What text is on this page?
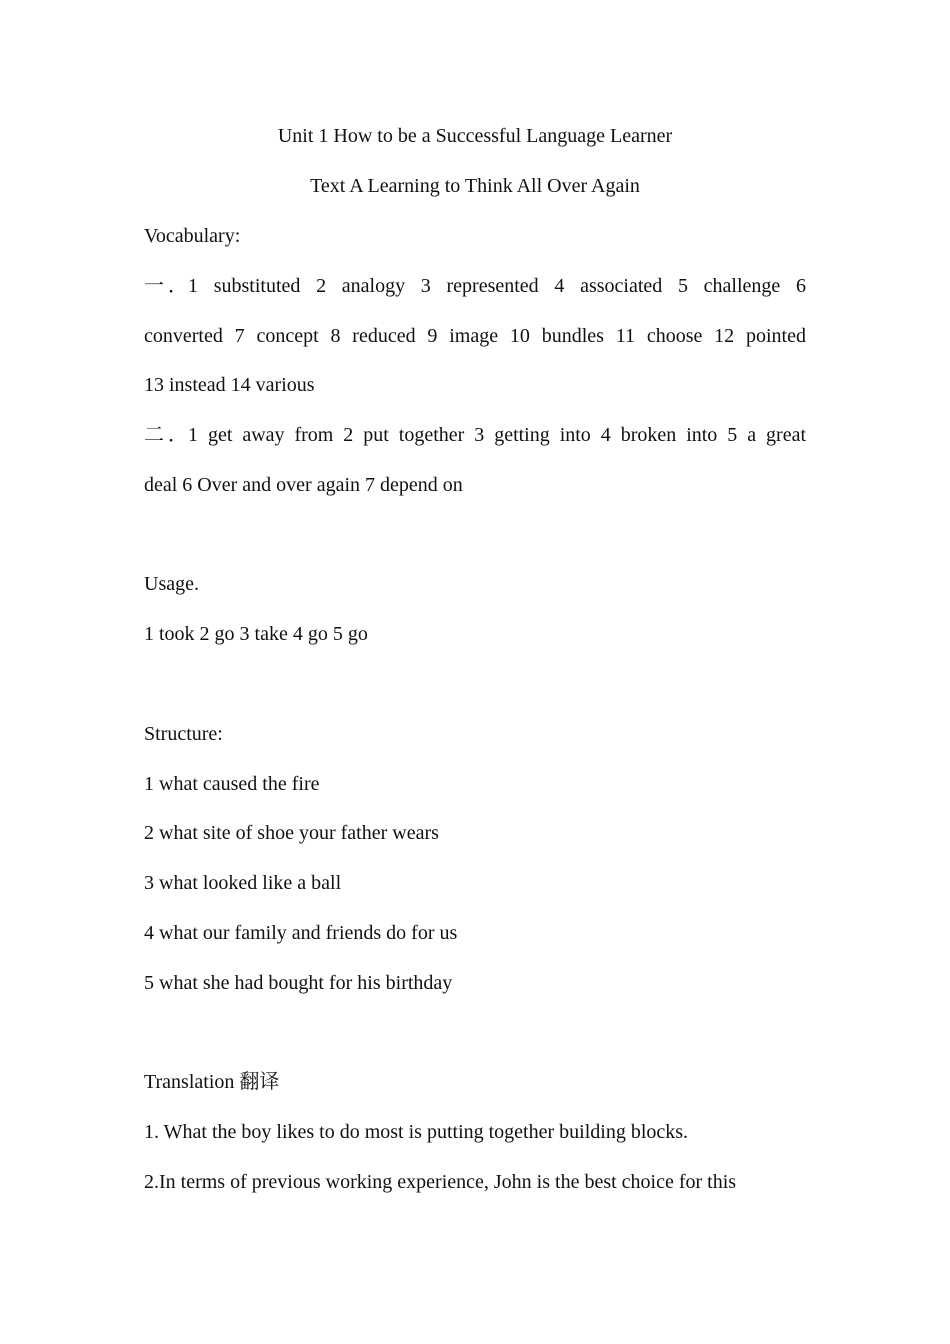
Unit 1 How to be a Successful Language Learner
Text A Learning to Think All Over Again
Vocabulary:
一．1 substituted 2 analogy 3 represented 4 associated 5 challenge 6
converted 7 concept 8 reduced 9 image 10 bundles 11 choose 12 pointed
13 instead 14 various
二．1 get away from 2 put together 3 getting into 4 broken into 5 a great
deal 6 Over and over again 7 depend on
Usage.
1 took 2 go 3 take 4 go 5 go
Structure:
1 what caused the fire
2 what site of shoe your father wears
3 what looked like a ball
4 what our family and friends do for us
5 what she had bought for his birthday
Translation 翻译
1. What the boy likes to do most is putting together building blocks.
2.In terms of previous working experience, John is the best choice for this
